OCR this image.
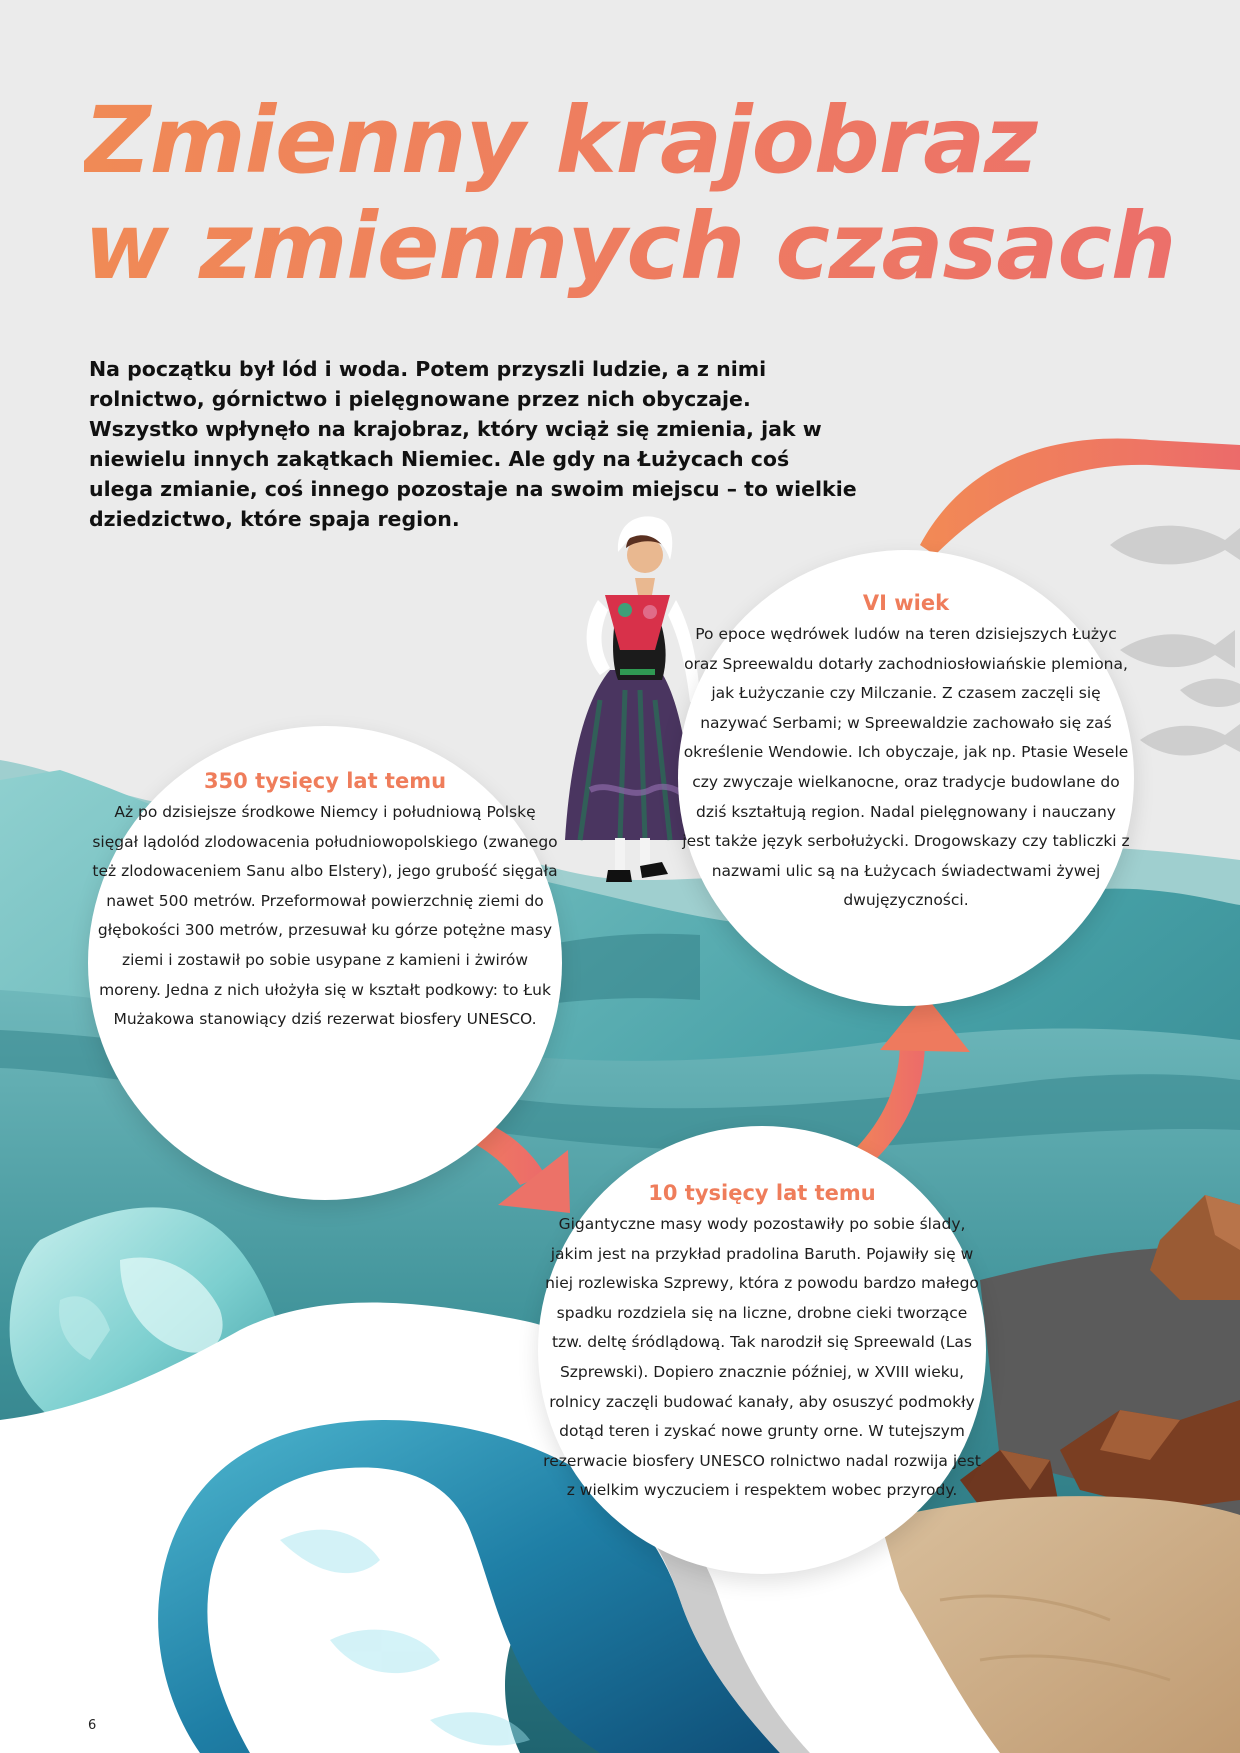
Zmienny krajobraz
w zmiennych czasach

Na początku był lód i woda. Potem przyszli ludzie, a z nimi rolnictwo, górnictwo i pielęgnowane przez nich obyczaje. Wszystko wpłynęło na krajobraz, który wciąż się zmienia, jak w niewielu innych zakątkach Niemiec. Ale gdy na Łużycach coś ulega zmianie, coś innego pozostaje na swoim miejscu – to wielkie dziedzictwo, które spaja region.

350 tysięcy lat temu

Aż po dzisiejsze środkowe Niemcy i południową Polskę sięgał lądolód zlodowacenia południowopolskiego (zwanego też zlodowaceniem Sanu albo Elstery), jego grubość sięgała nawet 500 metrów. Przeformował powierzchnię ziemi do głębokości 300 metrów, przesuwał ku górze potężne masy ziemi i zostawił po sobie usypane z kamieni i żwirów moreny. Jedna z nich ułożyła się w kształt podkowy: to Łuk Mużakowa stanowiący dziś rezerwat biosfery UNESCO.

VI wiek

Po epoce wędrówek ludów na teren dzisiejszych Łużyc oraz Spreewaldu dotarły zachodniosłowiańskie plemiona, jak Łużyczanie czy Milczanie. Z czasem zaczęli się nazywać Serbami; w Spreewaldzie zachowało się zaś określenie Wendowie. Ich obyczaje, jak np. Ptasie Wesele czy zwyczaje wielkanocne, oraz tradycje budowlane do dziś kształtują region. Nadal pielęgnowany i nauczany jest także język serbołużycki. Drogowskazy czy tabliczki z nazwami ulic są na Łużycach świadectwami żywej dwujęzyczności.

10 tysięcy lat temu

Gigantyczne masy wody pozostawiły po sobie ślady, jakim jest na przykład pradolina Baruth. Pojawiły się w niej rozlewiska Szprewy, która z powodu bardzo małego spadku rozdziela się na liczne, drobne cieki tworzące tzw. deltę śródlądową. Tak narodził się Spreewald (Las Szprewski). Dopiero znacznie później, w XVIII wieku, rolnicy zaczęli budować kanały, aby osuszyć podmokły dotąd teren i zyskać nowe grunty orne. W tutejszym rezerwacie biosfery UNESCO rolnictwo nadal rozwija jest z wielkim wyczuciem i respektem wobec przyrody.

6
